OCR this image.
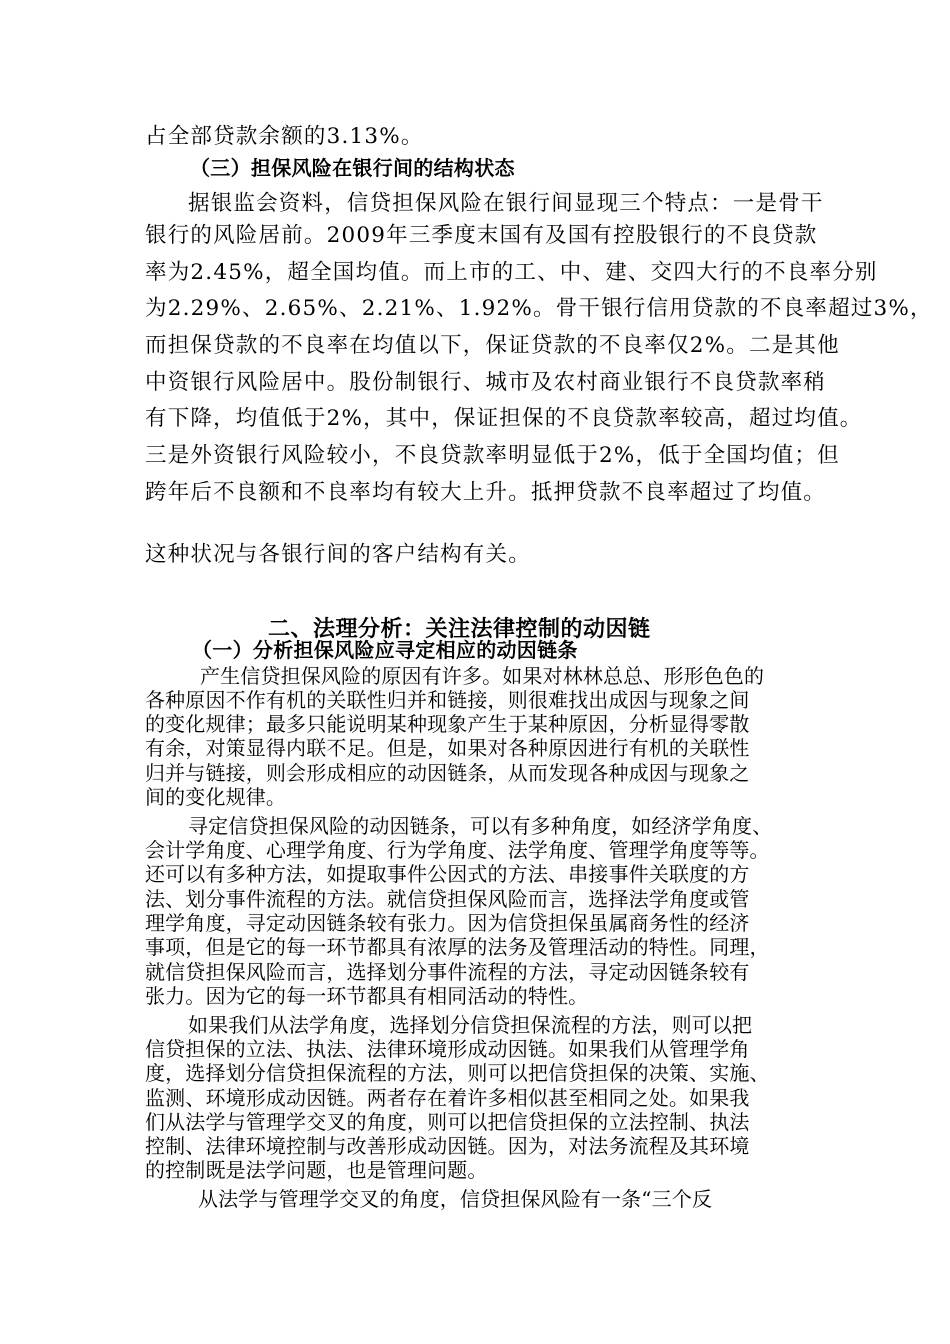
占全部贷款余额的3.13%。
（三）担保风险在银行间的结构状态
据银监会资料，信贷担保风险在银行间显现三个特点：一是骨干
银行的风险居前。2009年三季度末国有及国有控股银行的不良贷款
率为2.45%，超全国均值。而上市的工、中、建、交四大行的不良率分别
为2.29%、2.65%、2.21%、1.92%。骨干银行信用贷款的不良率超过3%，
而担保贷款的不良率在均值以下，保证贷款的不良率仅2%。二是其他
中资银行风险居中。股份制银行、城市及农村商业银行不良贷款率稍
有下降，均值低于2%，其中，保证担保的不良贷款率较高，超过均值。
三是外资银行风险较小，不良贷款率明显低于2%，低于全国均值；但
跨年后不良额和不良率均有较大上升。抵押贷款不良率超过了均值。
这种状况与各银行间的客户结构有关。
二、法理分析：关注法律控制的动因链
（一）分析担保风险应寻定相应的动因链条
产生信贷担保风险的原因有许多。如果对林林总总、形形色色的
各种原因不作有机的关联性归并和链接，则很难找出成因与现象之间
的变化规律；最多只能说明某种现象产生于某种原因，分析显得零散
有余，对策显得内联不足。但是，如果对各种原因进行有机的关联性
归并与链接，则会形成相应的动因链条，从而发现各种成因与现象之
间的变化规律。
寻定信贷担保风险的动因链条，可以有多种角度，如经济学角度、
会计学角度、心理学角度、行为学角度、法学角度、管理学角度等等。
还可以有多种方法，如提取事件公因式的方法、串接事件关联度的方
法、划分事件流程的方法。就信贷担保风险而言，选择法学角度或管
理学角度，寻定动因链条较有张力。因为信贷担保虽属商务性的经济
事项，但是它的每一环节都具有浓厚的法务及管理活动的特性。同理，
就信贷担保风险而言，选择划分事件流程的方法，寻定动因链条较有
张力。因为它的每一环节都具有相同活动的特性。
如果我们从法学角度，选择划分信贷担保流程的方法，则可以把
信贷担保的立法、执法、法律环境形成动因链。如果我们从管理学角
度，选择划分信贷担保流程的方法，则可以把信贷担保的决策、实施、
监测、环境形成动因链。两者存在着许多相似甚至相同之处。如果我
们从法学与管理学交叉的角度，则可以把信贷担保的立法控制、执法
控制、法律环境控制与改善形成动因链。因为，对法务流程及其环境
的控制既是法学问题，也是管理问题。
从法学与管理学交叉的角度，信贷担保风险有一条“三个反
